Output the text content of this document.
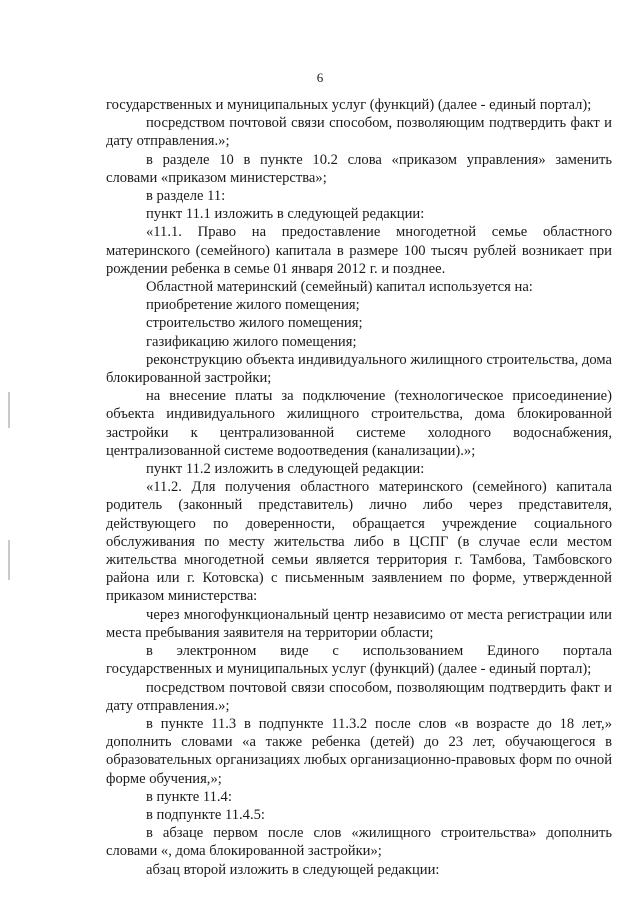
6

государственных и муниципальных услуг (функций) (далее - единый портал);

посредством почтовой связи способом, позволяющим подтвердить факт и дату отправления.»;

в разделе 10 в пункте 10.2 слова «приказом управления» заменить словами «приказом министерства»;

в разделе 11:

пункт 11.1 изложить в следующей редакции:

«11.1. Право на предоставление многодетной семье областного материнского (семейного) капитала в размере 100 тысяч рублей возникает при рождении ребенка в семье 01 января 2012 г. и позднее.

Областной материнский (семейный) капитал используется на:

приобретение жилого помещения;

строительство жилого помещения;

газификацию жилого помещения;

реконструкцию объекта индивидуального жилищного строительства, дома блокированной застройки;

на внесение платы за подключение (технологическое присоединение) объекта индивидуального жилищного строительства, дома блокированной застройки к централизованной системе холодного водоснабжения, централизованной системе водоотведения (канализации).»;

пункт 11.2 изложить в следующей редакции:

«11.2. Для получения областного материнского (семейного) капитала родитель (законный представитель) лично либо через представителя, действующего по доверенности, обращается учреждение социального обслуживания по месту жительства либо в ЦСПГ (в случае если местом жительства многодетной семьи является территория г. Тамбова, Тамбовского района или г. Котовска) с письменным заявлением по форме, утвержденной приказом министерства:

через многофункциональный центр независимо от места регистрации или места пребывания заявителя на территории области;

в электронном виде с использованием Единого портала

государственных и муниципальных услуг (функций) (далее - единый портал);

посредством почтовой связи способом, позволяющим подтвердить факт и дату отправления.»;

в пункте 11.3 в подпункте 11.3.2 после слов «в возрасте до 18 лет,» дополнить словами «а также ребенка (детей) до 23 лет, обучающегося в образовательных организациях любых организационно-правовых форм по очной форме обучения,»;

в пункте 11.4:

в подпункте 11.4.5:

в абзаце первом после слов «жилищного строительства» дополнить словами «, дома блокированной застройки»;

абзац второй изложить в следующей редакции:
